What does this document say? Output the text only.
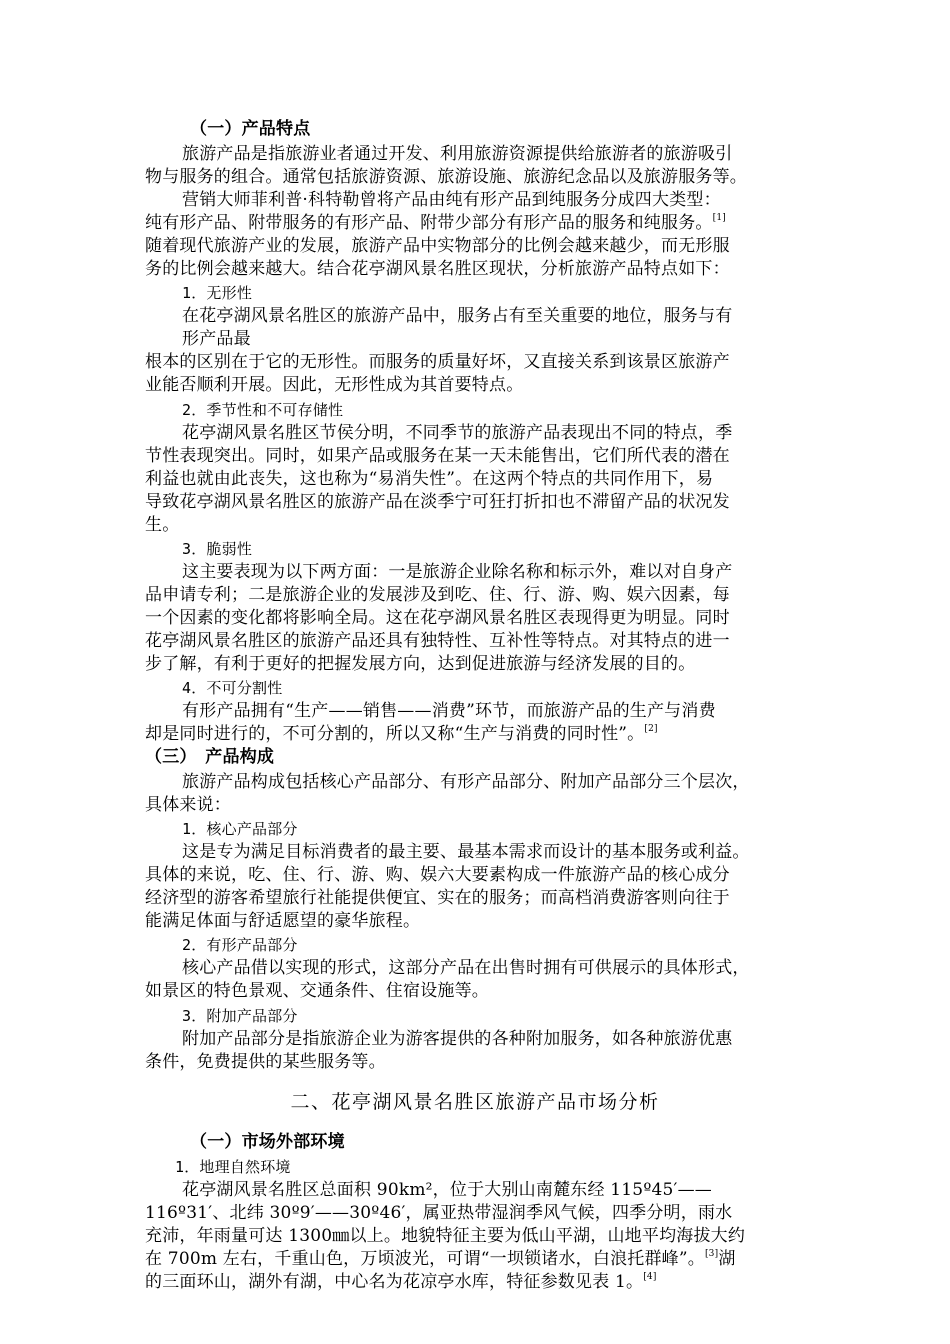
（一）产品特点
旅游产品是指旅游业者通过开发、利用旅游资源提供给旅游者的旅游吸引
物与服务的组合。通常包括旅游资源、旅游设施、旅游纪念品以及旅游服务等。
营销大师菲利普·科特勒曾将产品由纯有形产品到纯服务分成四大类型：
纯有形产品、附带服务的有形产品、附带少部分有形产品的服务和纯服务。[1]
随着现代旅游产业的发展，旅游产品中实物部分的比例会越来越少，而无形服
务的比例会越来越大。结合花亭湖风景名胜区现状，分析旅游产品特点如下：
1．无形性
在花亭湖风景名胜区的旅游产品中，服务占有至关重要的地位，服务与有
形产品最
根本的区别在于它的无形性。而服务的质量好坏，又直接关系到该景区旅游产
业能否顺利开展。因此，无形性成为其首要特点。
2．季节性和不可存储性
花亭湖风景名胜区节侯分明，不同季节的旅游产品表现出不同的特点，季
节性表现突出。同时，如果产品或服务在某一天未能售出，它们所代表的潜在
利益也就由此丧失，这也称为“易消失性”。在这两个特点的共同作用下，易
导致花亭湖风景名胜区的旅游产品在淡季宁可狂打折扣也不滞留产品的状况发
生。
3．脆弱性
这主要表现为以下两方面：一是旅游企业除名称和标示外，难以对自身产
品申请专利；二是旅游企业的发展涉及到吃、住、行、游、购、娱六因素，每
一个因素的变化都将影响全局。这在花亭湖风景名胜区表现得更为明显。同时
花亭湖风景名胜区的旅游产品还具有独特性、互补性等特点。对其特点的进一
步了解，有利于更好的把握发展方向，达到促进旅游与经济发展的目的。
4．不可分割性
有形产品拥有“生产——销售——消费”环节，而旅游产品的生产与消费
却是同时进行的，不可分割的，所以又称“生产与消费的同时性”。[2]
（三）　产品构成
旅游产品构成包括核心产品部分、有形产品部分、附加产品部分三个层次，
具体来说：
1．核心产品部分
这是专为满足目标消费者的最主要、最基本需求而设计的基本服务或利益。
具体的来说，吃、住、行、游、购、娱六大要素构成一件旅游产品的核心成分
经济型的游客希望旅行社能提供便宜、实在的服务；而高档消费游客则向往于
能满足体面与舒适愿望的豪华旅程。
2．有形产品部分
核心产品借以实现的形式，这部分产品在出售时拥有可供展示的具体形式，
如景区的特色景观、交通条件、住宿设施等。
3．附加产品部分
附加产品部分是指旅游企业为游客提供的各种附加服务，如各种旅游优惠
条件，免费提供的某些服务等。
二、花亭湖风景名胜区旅游产品市场分析
（一）市场外部环境
1．地理自然环境
花亭湖风景名胜区总面积 90km²，位于大别山南麓东经 115º45′——
116º31′、北纬 30º9′——30º46′，属亚热带湿润季风气候，四季分明，雨水
充沛，年雨量可达 1300㎜以上。地貌特征主要为低山平湖，山地平均海拔大约
在 700m 左右，千重山色，万顷波光，可谓“一坝锁诸水，白浪托群峰”。[3]湖
的三面环山，湖外有湖，中心名为花凉亭水库，特征参数见表 1。[4]
